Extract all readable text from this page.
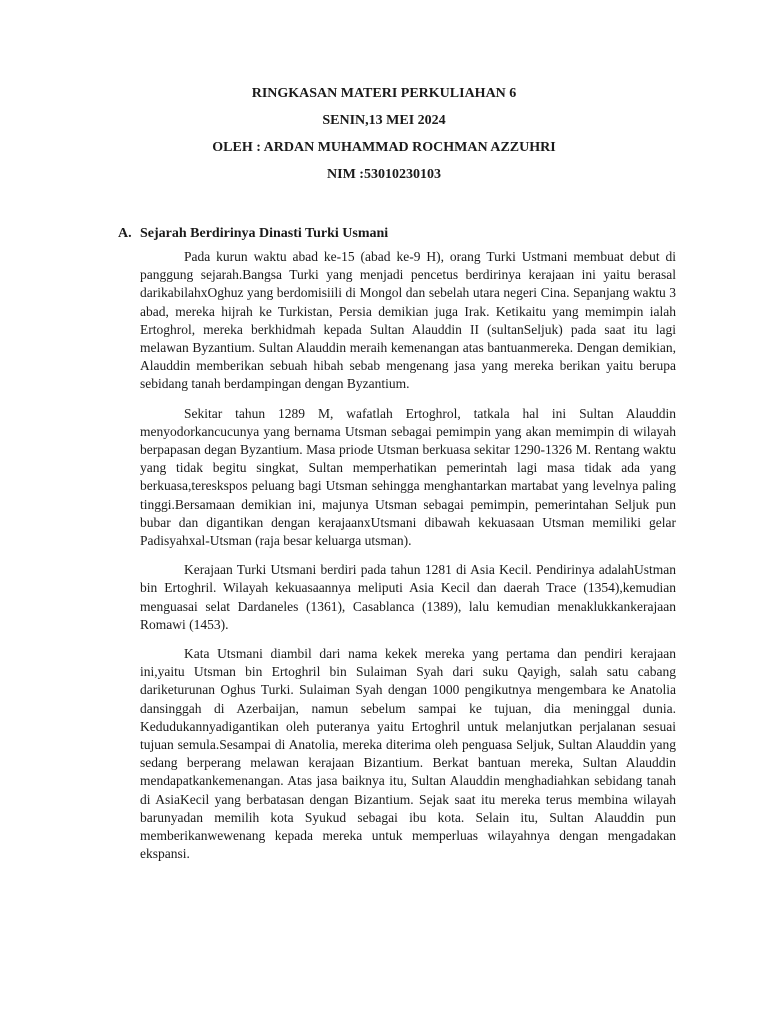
RINGKASAN MATERI PERKULIAHAN 6
SENIN,13 MEI 2024
OLEH : ARDAN MUHAMMAD ROCHMAN AZZUHRI
NIM :53010230103
A. Sejarah Berdirinya Dinasti Turki Usmani

Pada kurun waktu abad ke-15 (abad ke-9 H), orang Turki Ustmani membuat debut di panggung sejarah.Bangsa Turki yang menjadi pencetus berdirinya kerajaan ini yaitu berasal darikabilahxOghuz yang berdomisiili di Mongol dan sebelah utara negeri Cina. Sepanjang waktu 3 abad, mereka hijrah ke Turkistan, Persia demikian juga Irak. Ketikaitu yang memimpin ialah Ertoghrol, mereka berkhidmah kepada Sultan Alauddin II (sultanSeljuk) pada saat itu lagi melawan Byzantium. Sultan Alauddin meraih kemenangan atas bantuanmereka. Dengan demikian, Alauddin memberikan sebuah hibah sebab mengenang jasa yang mereka berikan yaitu berupa sebidang tanah berdampingan dengan Byzantium.

Sekitar tahun 1289 M, wafatlah Ertoghrol, tatkala hal ini Sultan Alauddin menyodorkancucunya yang bernama Utsman sebagai pemimpin yang akan memimpin di wilayah berpapasan degan Byzantium. Masa priode Utsman berkuasa sekitar 1290-1326 M. Rentang waktu yang tidak begitu singkat, Sultan memperhatikan pemerintah lagi masa tidak ada yang berkuasa,tereskspos peluang bagi Utsman sehingga menghantarkan martabat yang levelnya paling tinggi.Bersamaan demikian ini, majunya Utsman sebagai pemimpin, pemerintahan Seljuk pun bubar dan digantikan dengan kerajaanxUtsmani dibawah kekuasaan Utsman memiliki gelar Padisyahxal-Utsman (raja besar keluarga utsman).

Kerajaan Turki Utsmani berdiri pada tahun 1281 di Asia Kecil. Pendirinya adalahUstman bin Ertoghril. Wilayah kekuasaannya meliputi Asia Kecil dan daerah Trace (1354),kemudian menguasai selat Dardaneles (1361), Casablanca (1389), lalu kemudian menaklukkankerajaan Romawi (1453).

Kata Utsmani diambil dari nama kekek mereka yang pertama dan pendiri kerajaan ini,yaitu Utsman bin Ertoghril bin Sulaiman Syah dari suku Qayigh, salah satu cabang dariketurunan Oghus Turki. Sulaiman Syah dengan 1000 pengikutnya mengembara ke Anatolia dansinggah di Azerbaijan, namun sebelum sampai ke tujuan, dia meninggal dunia. Kedudukannyadigantikan oleh puteranya yaitu Ertoghril untuk melanjutkan perjalanan sesuai tujuan semula.Sesampai di Anatolia, mereka diterima oleh penguasa Seljuk, Sultan Alauddin yang sedang berperang melawan kerajaan Bizantium. Berkat bantuan mereka, Sultan Alauddin mendapatkankemenangan. Atas jasa baiknya itu, Sultan Alauddin menghadiahkan sebidang tanah di AsiaKecil yang berbatasan dengan Bizantium. Sejak saat itu mereka terus membina wilayah barunyadan memilih kota Syukud sebagai ibu kota. Selain itu, Sultan Alauddin pun memberikanwewenang kepada mereka untuk memperluas wilayahnya dengan mengadakan ekspansi.
